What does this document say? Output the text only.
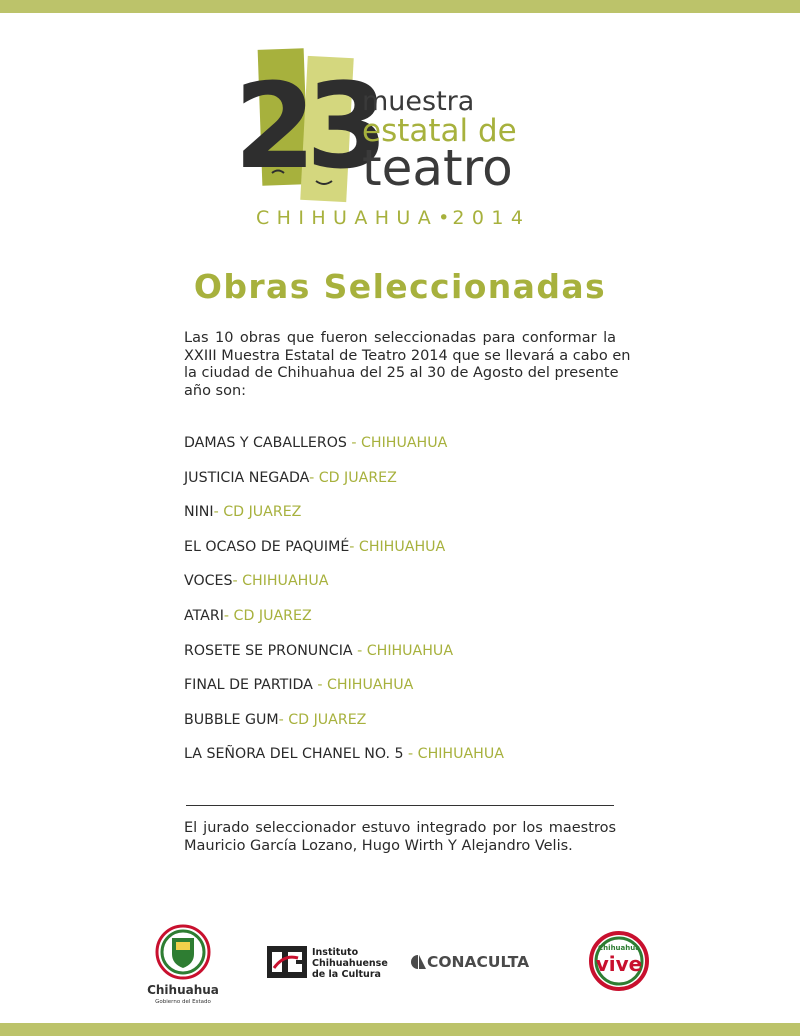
23
muestra
estatal de
teatro
CHIHUAHUA•2014
Obras Seleccionadas
Las 10 obras que fueron seleccionadas para conformar la
XXIII Muestra Estatal de Teatro 2014 que se llevará a cabo en
la ciudad de Chihuahua del 25 al 30 de Agosto del presente
año son:
DAMAS Y CABALLEROS - CHIHUAHUA
JUSTICIA NEGADA- CD JUAREZ
NINI- CD JUAREZ
EL OCASO DE PAQUIMÉ- CHIHUAHUA
VOCES- CHIHUAHUA
ATARI- CD JUAREZ
ROSETE SE PRONUNCIA - CHIHUAHUA
FINAL DE PARTIDA - CHIHUAHUA
BUBBLE GUM- CD JUAREZ
LA SEÑORA DEL CHANEL NO. 5 - CHIHUAHUA
El jurado seleccionador estuvo integrado por los maestros
Mauricio García Lozano, Hugo Wirth Y Alejandro Velis.
Chihuahua
Gobierno del Estado
Instituto
Chihuahuense
de la Cultura
CONACULTA
Chihuahua
vive
